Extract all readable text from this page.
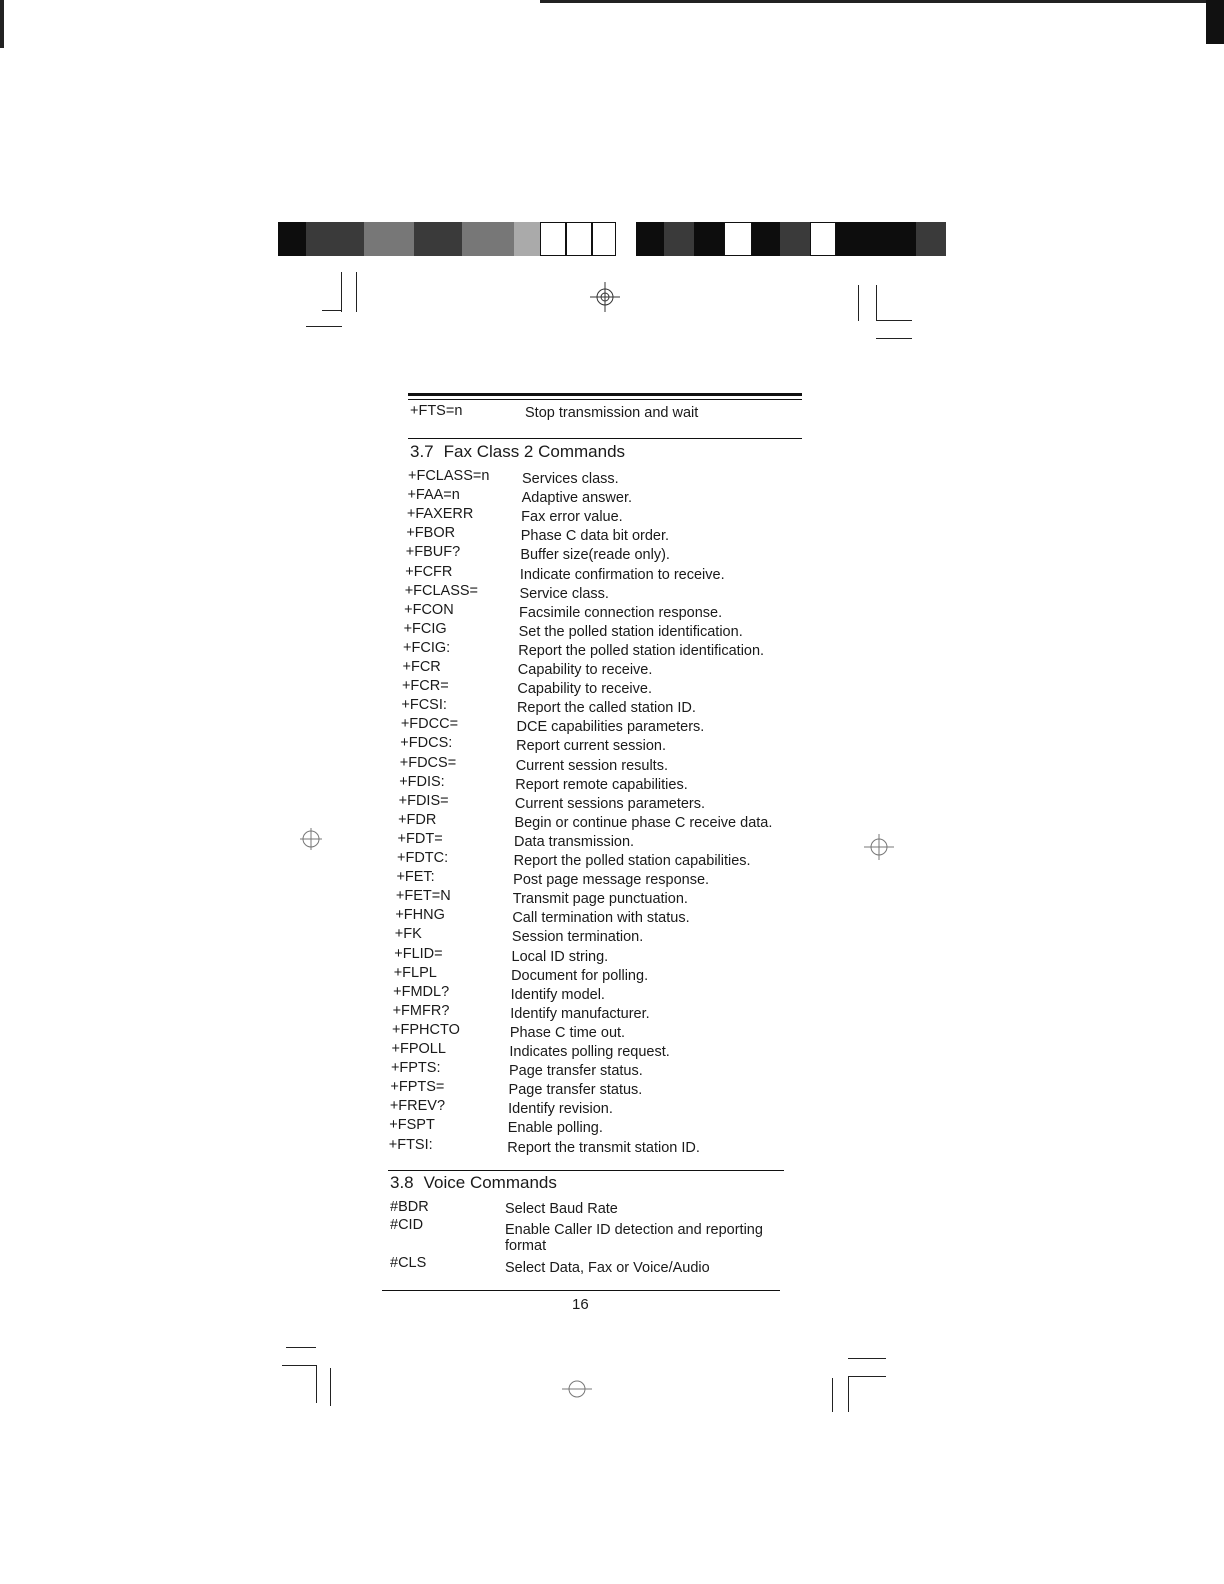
+FTS=n	Stop transmission and wait
3.7 Fax Class 2 Commands
+FCLASS=n Services class.
+FAA=n	Adaptive answer.
+FAXERR	Fax error value.
+FBOR	Phase C data bit order.
+FBUF?	Buffer size(reade only).
+FCFR	Indicate confirmation to receive.
+FCLASS=	Service class.
+FCON	Facsimile connection response.
+FCIG	Set the polled station identification.
+FCIG:	Report the polled station identification.
+FCR	Capability to receive.
+FCR=	Capability to receive.
+FCSI:	Report the called station ID.
+FDCC=	DCE capabilities parameters.
+FDCS:	Report current session.
+FDCS=	Current session results.
+FDIS:	Report remote capabilities.
+FDIS=	Current sessions parameters.
+FDR	Begin or continue phase C receive data.
+FDT=	Data transmission.
+FDTC:	Report the polled station capabilities.
+FET:	Post page message response.
+FET=N	Transmit page punctuation.
+FHNG	Call termination with status.
+FK	Session termination.
+FLID=	Local ID string.
+FLPL	Document for polling.
+FMDL?	Identify model.
+FMFR?	Identify manufacturer.
+FPHCTO	Phase C time out.
+FPOLL	Indicates polling request.
+FPTS:	Page transfer status.
+FPTS=	Page transfer status.
+FREV?	Identify revision.
+FSPT	Enable polling.
+FTSI:	Report the transmit station ID.
3.8 Voice Commands
#BDR	Select Baud Rate
#CID	Enable Caller ID detection and reporting
format
#CLS	Select Data, Fax or Voice/Audio
16
